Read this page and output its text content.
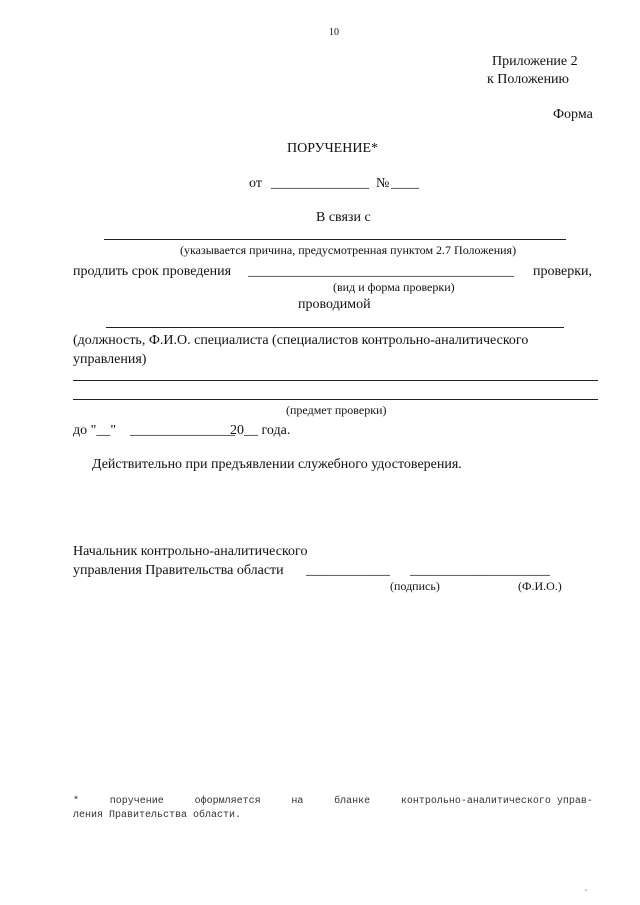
10
Приложение 2
к Положению
Форма
ПОРУЧЕНИЕ*
от ______________ № ____
В связи с
(указывается причина, предусмотренная пунктом 2.7 Положения)
продлить срок проведения ______________________________________ проверки,
(вид и форма проверки)
проводимой
(должность, Ф.И.О. специалиста (специалистов контрольно-аналитического
управления)
(предмет проверки)
до "__" _______________
20__ года.
Действительно при предъявлении служебного удостоверения.
Начальник контрольно-аналитического
управления Правительства области ____________ ____________________
(подпись)	(Ф.И.О.)
*	поручение	оформляется	на	бланке	контрольно-аналитического управ-
ления Правительства области.
